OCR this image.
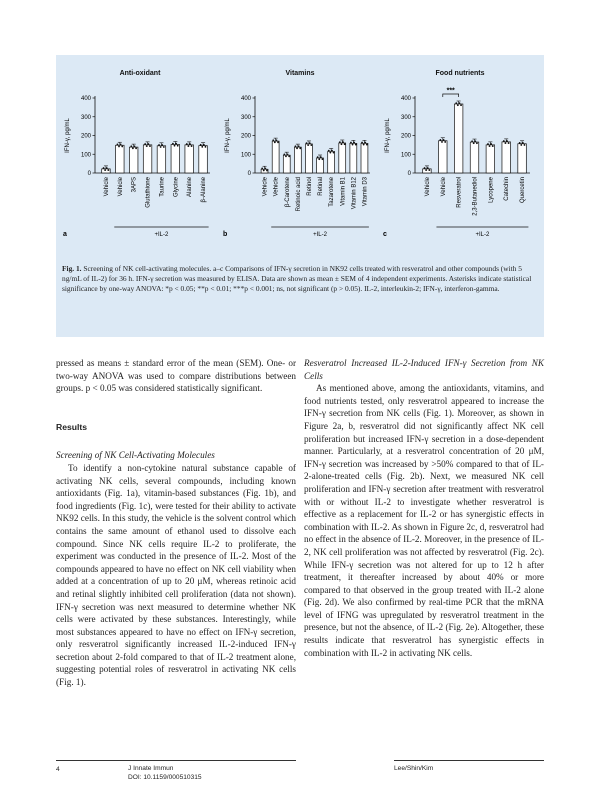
Anti-oxidant
IFN-γ, pg/mL
0
100
200
300
400
Vehicle Vehicle 3APS Glutathione Taurine Glycine Alanine β-Alanine
+IL-2
a
Vitamins
IFN-γ, pg/mL
0
100
200
300
400
Vehicle Vehicle β-Carotene Retinoic acid Retinol Retinal Tazarotene Vitamin B1 Vitamin B12 Vitamin D3
+IL-2
b
Food nutrients
IFN-γ, pg/mL
0
100
200
300
400
Vehicle Vehicle Resveratrol 2,3-Butanediol Lycopene Catechin Quercetin
+IL-2
c
***
Fig. 1. Screening of NK cell-activating molecules. a–c Comparisons of IFN-γ secretion in NK92 cells treated with resveratrol and other compounds (with 5 ng/mL of IL-2) for 36 h. IFN-γ secretion was measured by ELISA. Data are shown as mean ± SEM of 4 independent experiments. Asterisks indicate statistical significance by one-way ANOVA: *p < 0.05; **p < 0.01; ***p < 0.001; ns, not significant (p > 0.05). IL-2, interleukin-2; IFN-γ, interferon-gamma.

pressed as means ± standard error of the mean (SEM). One- or two-way ANOVA was used to compare distributions between groups. p < 0.05 was considered statistically significant.

Results

Screening of NK Cell-Activating Molecules

To identify a non-cytokine natural substance capable of activating NK cells, several compounds, including known antioxidants (Fig. 1a), vitamin-based substances (Fig. 1b), and food ingredients (Fig. 1c), were tested for their ability to activate NK92 cells. In this study, the vehicle is the solvent control which contains the same amount of ethanol used to dissolve each compound. Since NK cells require IL-2 to proliferate, the experiment was conducted in the presence of IL-2. Most of the compounds appeared to have no effect on NK cell viability when added at a concentration of up to 20 μM, whereas retinoic acid and retinal slightly inhibited cell proliferation (data not shown). IFN-γ secretion was next measured to determine whether NK cells were activated by these substances. Interestingly, while most substances appeared to have no effect on IFN-γ secretion, only resveratrol significantly increased IL-2-induced IFN-γ secretion about 2-fold compared to that of IL-2 treatment alone, suggesting potential roles of resveratrol in activating NK cells (Fig. 1).

Resveratrol Increased IL-2-Induced IFN-γ Secretion from NK Cells

As mentioned above, among the antioxidants, vitamins, and food nutrients tested, only resveratrol appeared to increase the IFN-γ secretion from NK cells (Fig. 1). Moreover, as shown in Figure 2a, b, resveratrol did not significantly affect NK cell proliferation but increased IFN-γ secretion in a dose-dependent manner. Particularly, at a resveratrol concentration of 20 μM, IFN-γ secretion was increased by >50% compared to that of IL-2-alone-treated cells (Fig. 2b). Next, we measured NK cell proliferation and IFN-γ secretion after treatment with resveratrol with or without IL-2 to investigate whether resveratrol is effective as a replacement for IL-2 or has synergistic effects in combination with IL-2. As shown in Figure 2c, d, resveratrol had no effect in the absence of IL-2. Moreover, in the presence of IL-2, NK cell proliferation was not affected by resveratrol (Fig. 2c). While IFN-γ secretion was not altered for up to 12 h after treatment, it thereafter increased by about 40% or more compared to that observed in the group treated with IL-2 alone (Fig. 2d). We also confirmed by real-time PCR that the mRNA level of IFNG was upregulated by resveratrol treatment in the presence, but not the absence, of IL-2 (Fig. 2e). Altogether, these results indicate that resveratrol has synergistic effects in combination with IL-2 in activating NK cells.

4	J Innate Immun
DOI: 10.1159/000510315
Lee/Shin/Kim
